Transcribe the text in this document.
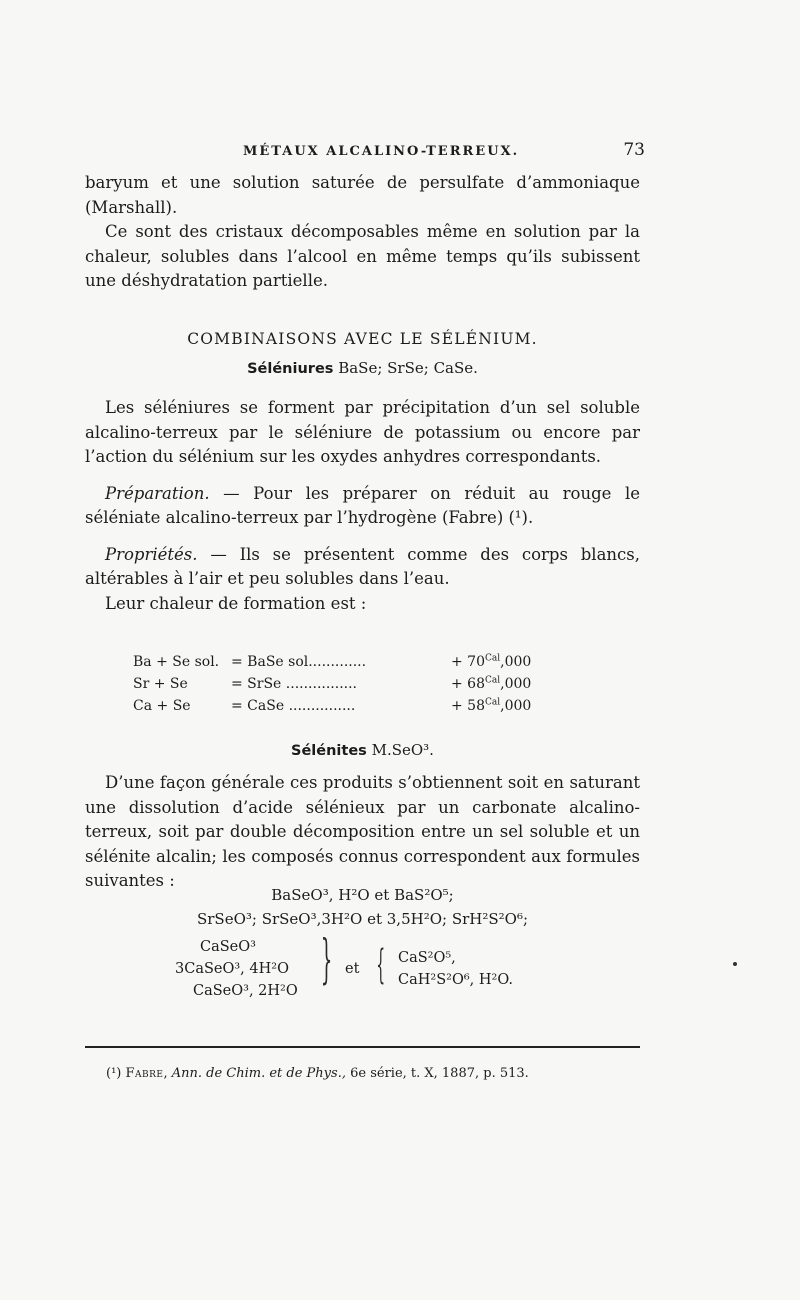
MÉTAUX ALCALINO-TERREUX.	73

baryum et une solution saturée de persulfate d’ammoniaque (Marshall).

Ce sont des cristaux décomposables même en solution par la chaleur, solubles dans l’alcool en même temps qu’ils subissent une déshydratation partielle.

COMBINAISONS AVEC LE SÉLÉNIUM.
Séléniures BaSe; SrSe; CaSe.

Les séléniures se forment par précipitation d’un sel soluble alcalino-terreux par le séléniure de potassium ou encore par l’action du sélénium sur les oxydes anhydres correspondants.

Préparation. — Pour les préparer on réduit au rouge le séléniate alcalino-terreux par l’hydrogène (Fabre) (¹).

Propriétés. — Ils se présentent comme des corps blancs, altérables à l’air et peu solubles dans l’eau.

Leur chaleur de formation est :

Ba + Se sol. = BaSe sol.............	+ $70^{Cal},000$
Sr + Se	= SrSe ................	+ $68^{Cal},000$
Ca + Se	= CaSe ...............	+ $58^{Cal},000$
Sélénites M.SeO³.

D’une façon générale ces produits s’obtiennent soit en saturant une dissolution d’acide sélénieux par un carbonate alcalino-terreux, soit par double décomposition entre un sel soluble et un sélénite alcalin; les composés connus correspondent aux formules suivantes :

BaSeO³, H²O et BaS²O⁵;
SrSeO³; SrSeO³,3H²O et 3,5H²O; SrH²S²O⁶;
CaSeO³
3CaSeO³, 4H²O
CaSeO³, 2H²O
} et { CaS²O⁵,
CaH²S²O⁶, H²O.
(¹) Fabre, Ann. de Chim. et de Phys., 6e série, t. X, 1887, p. 513.
